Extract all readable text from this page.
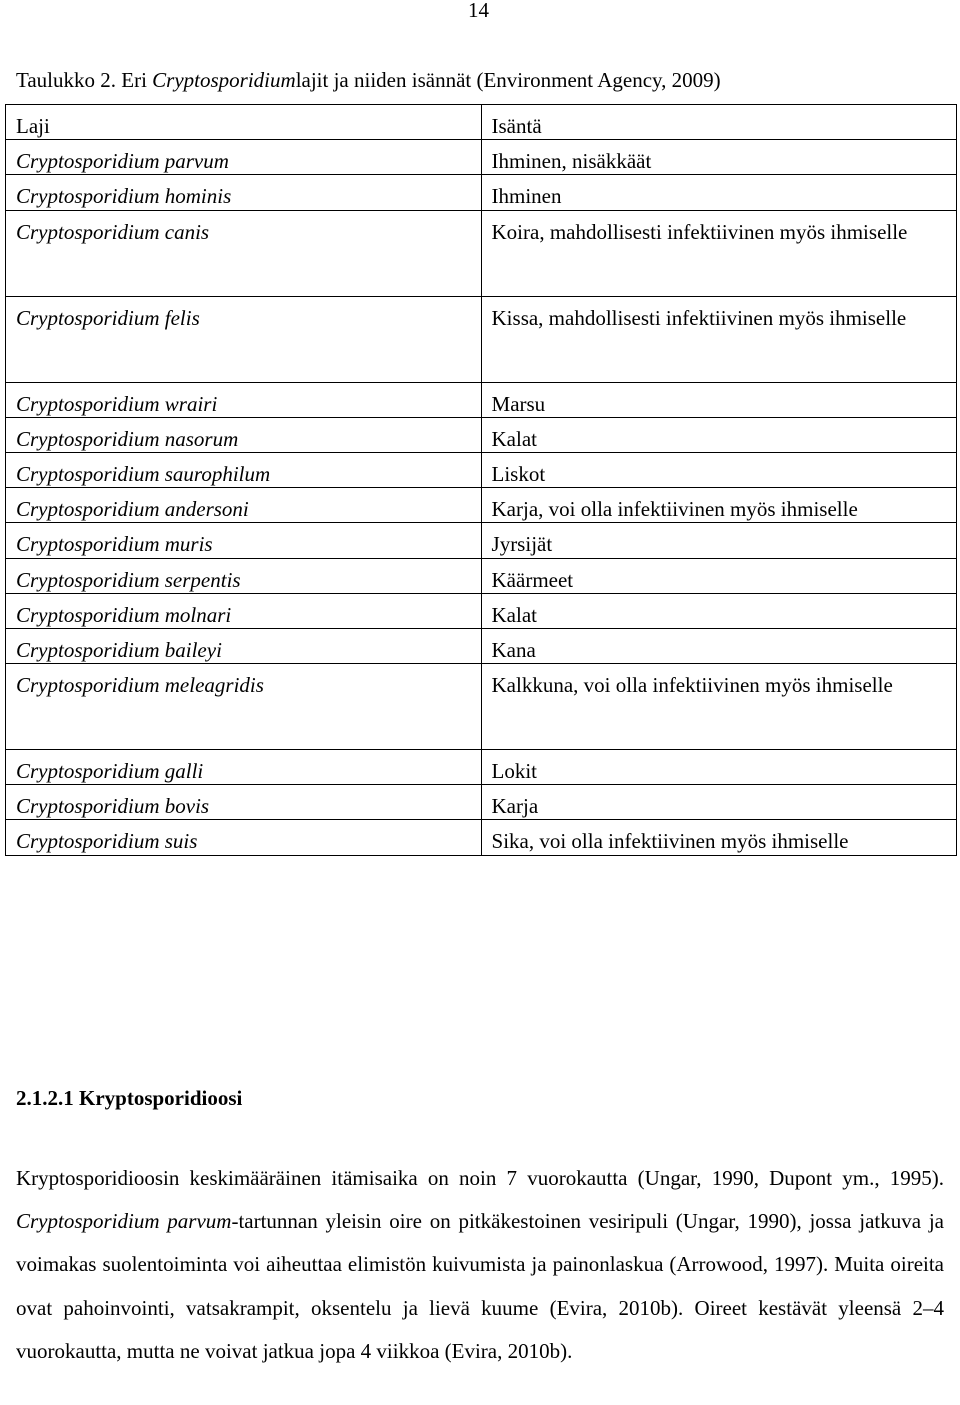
14
Taulukko 2. Eri Cryptosporidiumlajit ja niiden isännät (Environment Agency, 2009)
Laji	Isäntä
Cryptosporidium parvum	Ihminen, nisäkkäät
Cryptosporidium hominis	Ihminen
Cryptosporidium canis	Koira, mahdollisesti infektiivinen myös ihmiselle
Cryptosporidium felis	Kissa, mahdollisesti infektiivinen myös ihmiselle
Cryptosporidium wrairi	Marsu
Cryptosporidium nasorum	Kalat
Cryptosporidium saurophilum	Liskot
Cryptosporidium andersoni	Karja, voi olla infektiivinen myös ihmiselle
Cryptosporidium muris	Jyrsijät
Cryptosporidium serpentis	Käärmeet
Cryptosporidium molnari	Kalat
Cryptosporidium baileyi	Kana
Cryptosporidium meleagridis	Kalkkuna, voi olla infektiivinen myös ihmiselle
Cryptosporidium galli	Lokit
Cryptosporidium bovis	Karja
Cryptosporidium suis	Sika, voi olla infektiivinen myös ihmiselle
2.1.2.1 Kryptosporidioosi

Kryptosporidioosin keskimääräinen itämisaika on noin 7 vuorokautta (Ungar, 1990, Dupont ym., 1995). Cryptosporidium parvum-tartunnan yleisin oire on pitkäkestoinen vesiripuli (Ungar, 1990), jossa jatkuva ja voimakas suolentoiminta voi aiheuttaa elimistön kuivumista ja painonlaskua (Arrowood, 1997). Muita oireita ovat pahoinvointi, vatsakrampit, oksentelu ja lievä kuume (Evira, 2010b). Oireet kestävät yleensä 2–4 vuorokautta, mutta ne voivat jatkua jopa 4 viikkoa (Evira, 2010b).
